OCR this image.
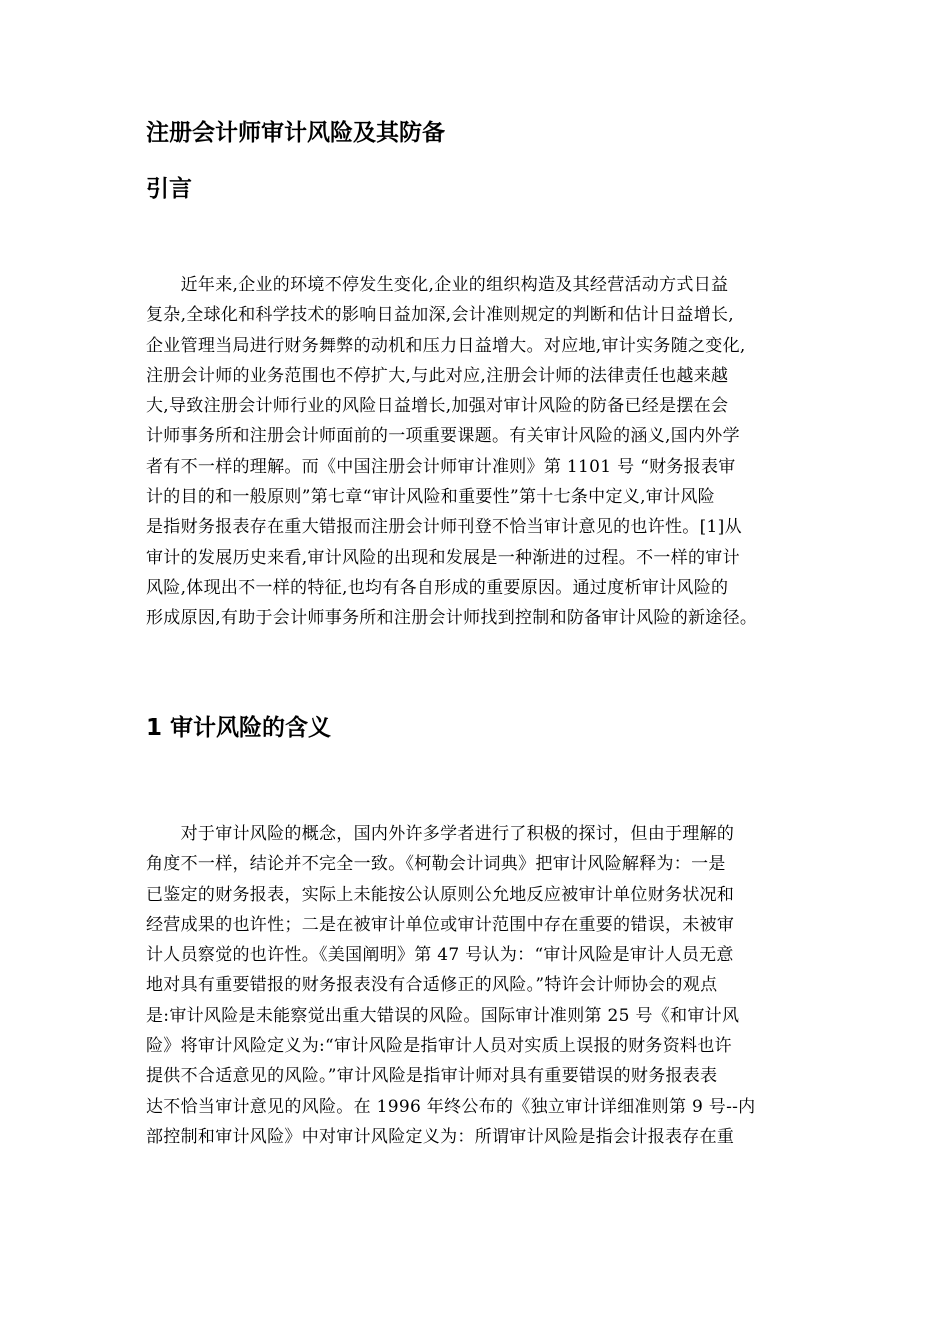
注册会计师审计风险及其防备
引言
　　近年来,企业的环境不停发生变化,企业的组织构造及其经营活动方式日益
复杂,全球化和科学技术的影响日益加深,会计准则规定的判断和估计日益增长,
企业管理当局进行财务舞弊的动机和压力日益增大。对应地,审计实务随之变化,
注册会计师的业务范围也不停扩大,与此对应,注册会计师的法律责任也越来越
大,导致注册会计师行业的风险日益增长,加强对审计风险的防备已经是摆在会
计师事务所和注册会计师面前的一项重要课题。有关审计风险的涵义,国内外学
者有不一样的理解。而《中国注册会计师审计准则》第 1101 号 “财务报表审
计的目的和一般原则”第七章“审计风险和重要性”第十七条中定义,审计风险
是指财务报表存在重大错报而注册会计师刊登不恰当审计意见的也许性。[1]从
审计的发展历史来看,审计风险的出现和发展是一种渐进的过程。不一样的审计
风险,体现出不一样的特征,也均有各自形成的重要原因。通过度析审计风险的
形成原因,有助于会计师事务所和注册会计师找到控制和防备审计风险的新途径。
1 审计风险的含义
　　对于审计风险的概念，国内外许多学者进行了积极的探讨，但由于理解的
角度不一样，结论并不完全一致。《柯勒会计词典》把审计风险解释为：一是
已鉴定的财务报表，实际上未能按公认原则公允地反应被审计单位财务状况和
经营成果的也许性；二是在被审计单位或审计范围中存在重要的错误，未被审
计人员察觉的也许性。《美国阐明》第 47 号认为：“审计风险是审计人员无意
地对具有重要错报的财务报表没有合适修正的风险。”特许会计师协会的观点
是:审计风险是未能察觉出重大错误的风险。国际审计准则第 25 号《和审计风
险》将审计风险定义为:“审计风险是指审计人员对实质上误报的财务资料也许
提供不合适意见的风险。”审计风险是指审计师对具有重要错误的财务报表表
达不恰当审计意见的风险。在 1996 年终公布的《独立审计详细准则第 9 号--内
部控制和审计风险》中对审计风险定义为：所谓审计风险是指会计报表存在重
